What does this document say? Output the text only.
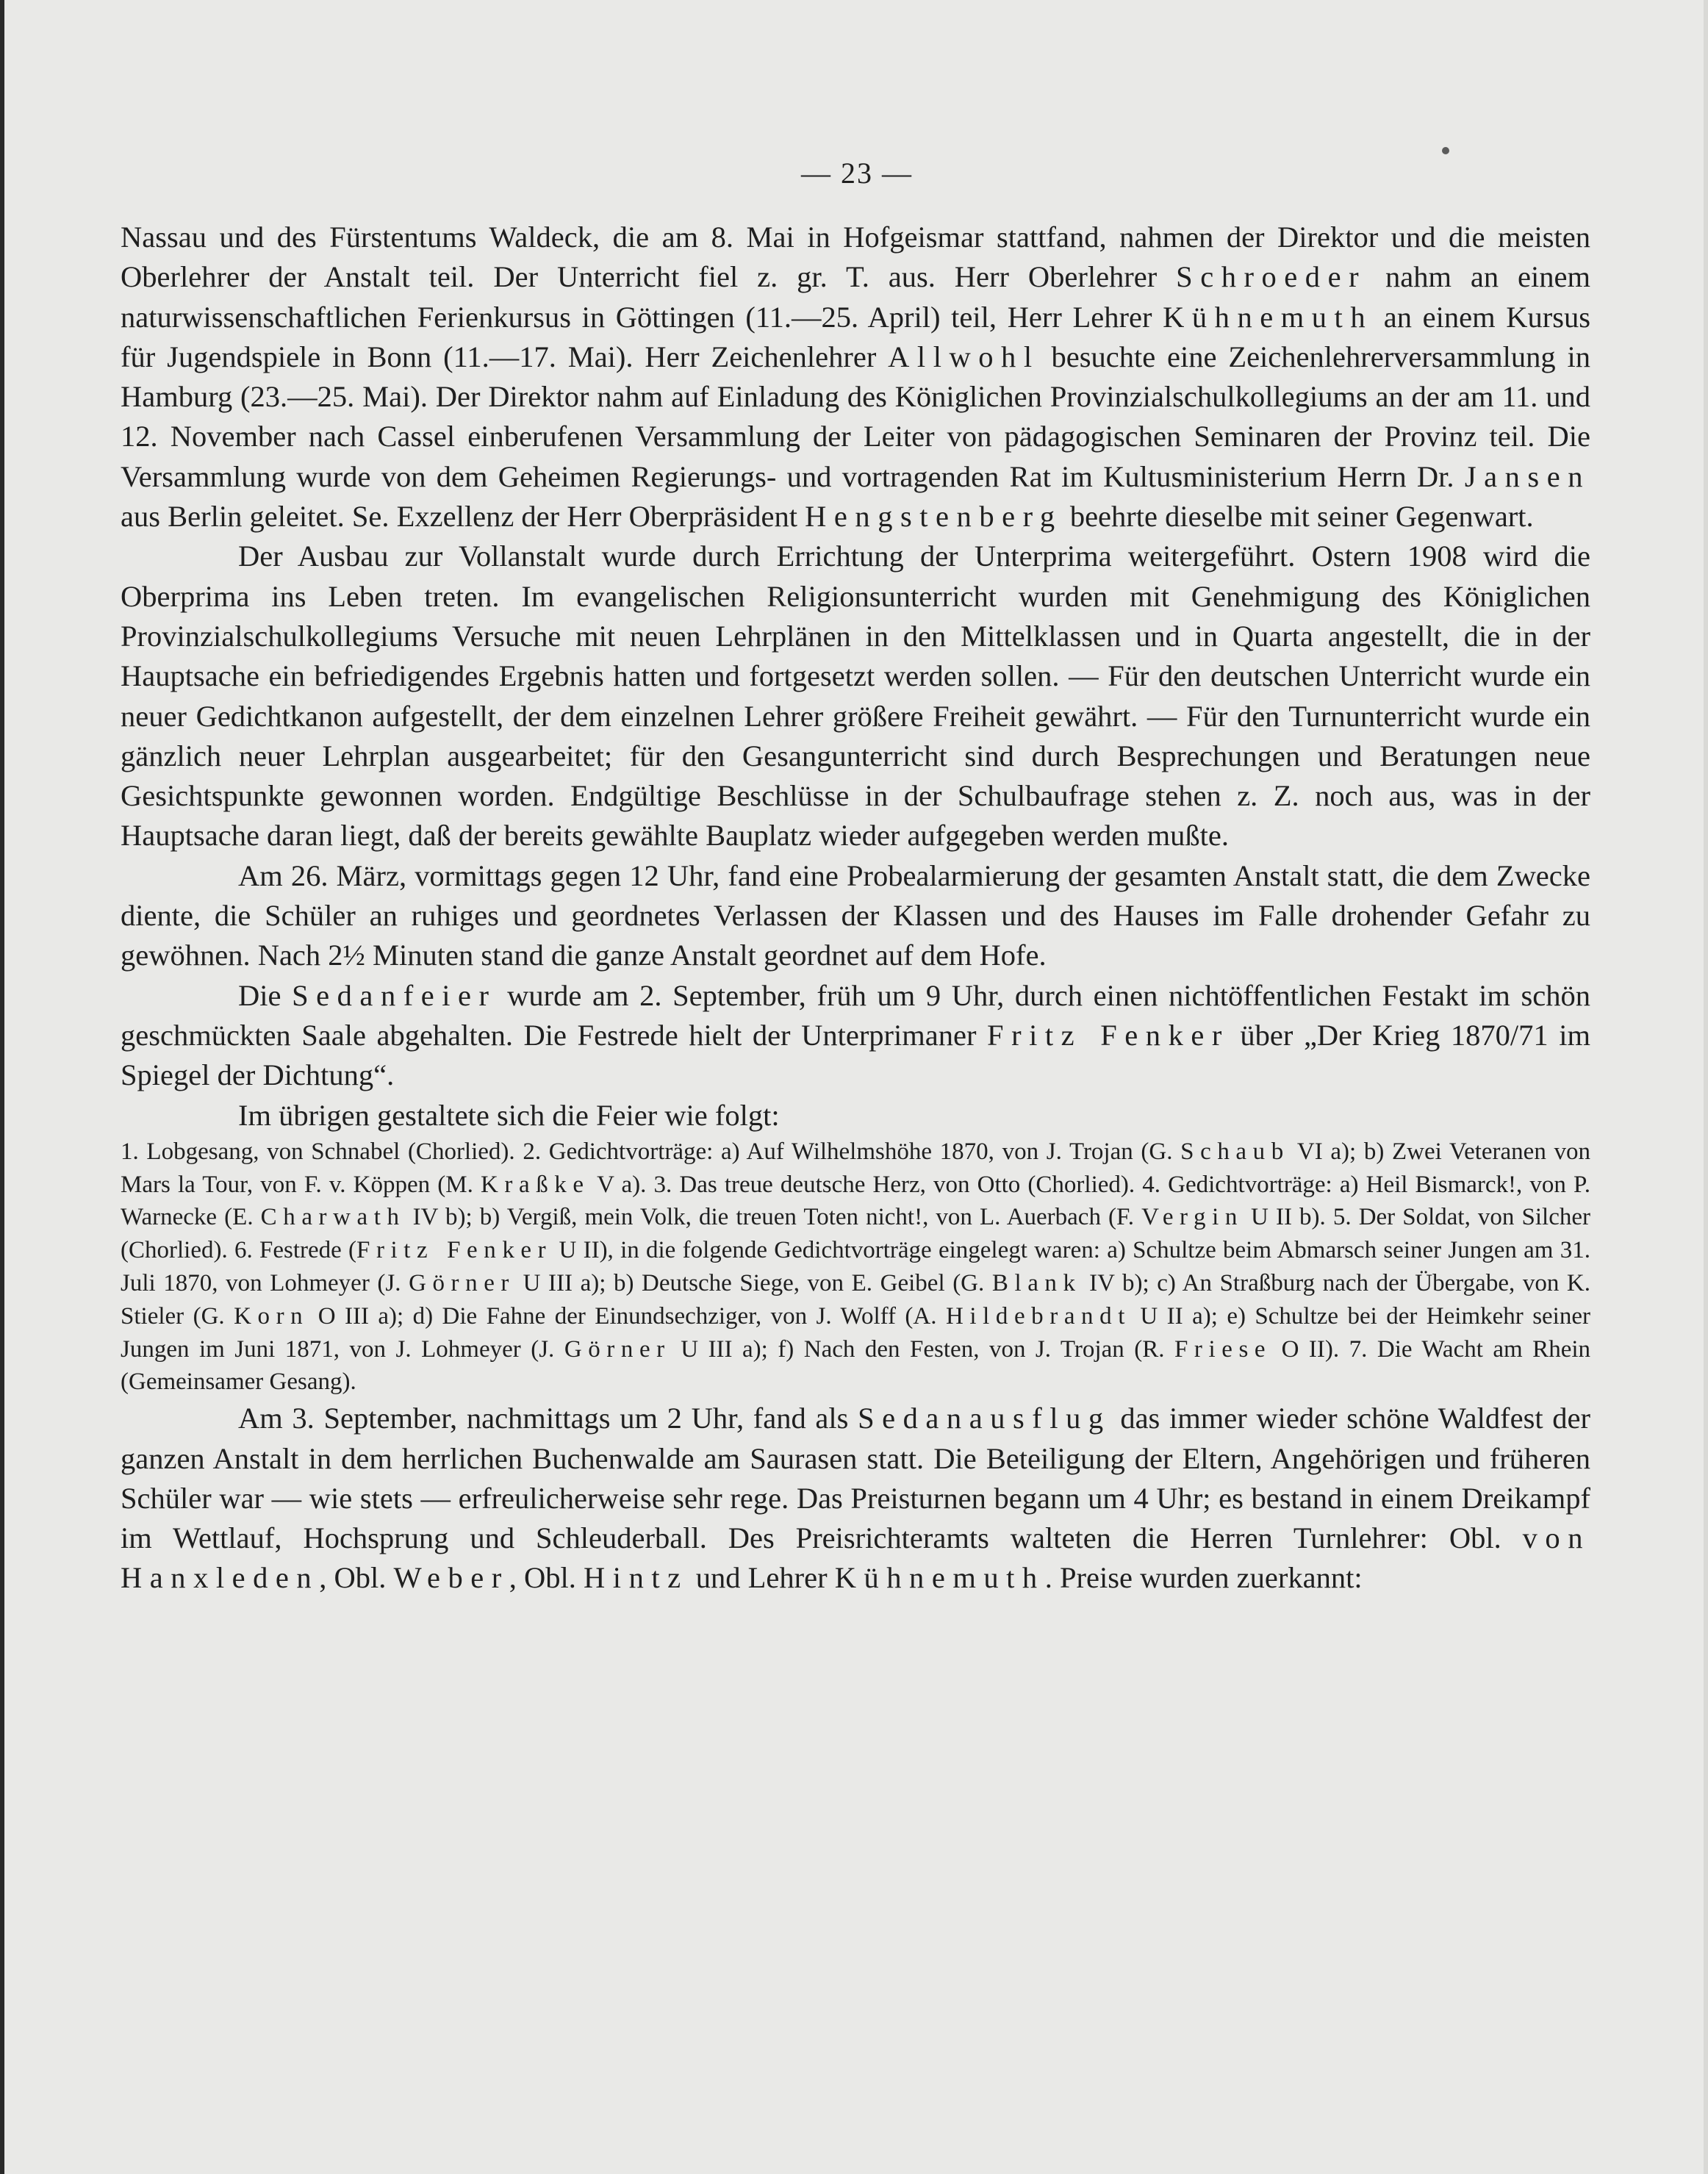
— 23 —

Nassau und des Fürstentums Waldeck, die am 8. Mai in Hofgeismar stattfand, nahmen der Direktor und die meisten Oberlehrer der Anstalt teil. Der Unterricht fiel z. gr. T. aus. Herr Oberlehrer Schroeder nahm an einem naturwissenschaftlichen Ferienkursus in Göttingen (11.—25. April) teil, Herr Lehrer Kühnemuth an einem Kursus für Jugendspiele in Bonn (11.—17. Mai). Herr Zeichenlehrer Allwohl besuchte eine Zeichenlehrerversammlung in Hamburg (23.—25. Mai). Der Direktor nahm auf Einladung des Königlichen Provinzialschulkollegiums an der am 11. und 12. November nach Cassel einberufenen Versammlung der Leiter von pädagogischen Seminaren der Provinz teil. Die Versammlung wurde von dem Geheimen Regierungs- und vortragenden Rat im Kultusministerium Herrn Dr. Jansen aus Berlin geleitet. Se. Exzellenz der Herr Oberpräsident Hengstenberg beehrte dieselbe mit seiner Gegenwart.

Der Ausbau zur Vollanstalt wurde durch Errichtung der Unterprima weitergeführt. Ostern 1908 wird die Oberprima ins Leben treten. Im evangelischen Religionsunterricht wurden mit Genehmigung des Königlichen Provinzialschulkollegiums Versuche mit neuen Lehrplänen in den Mittelklassen und in Quarta angestellt, die in der Hauptsache ein befriedigendes Ergebnis hatten und fortgesetzt werden sollen. — Für den deutschen Unterricht wurde ein neuer Gedichtkanon aufgestellt, der dem einzelnen Lehrer größere Freiheit gewährt. — Für den Turnunterricht wurde ein gänzlich neuer Lehrplan ausgearbeitet; für den Gesangunterricht sind durch Besprechungen und Beratungen neue Gesichtspunkte gewonnen worden. Endgültige Beschlüsse in der Schulbaufrage stehen z. Z. noch aus, was in der Hauptsache daran liegt, daß der bereits gewählte Bauplatz wieder aufgegeben werden mußte.

Am 26. März, vormittags gegen 12 Uhr, fand eine Probealarmierung der gesamten Anstalt statt, die dem Zwecke diente, die Schüler an ruhiges und geordnetes Verlassen der Klassen und des Hauses im Falle drohender Gefahr zu gewöhnen. Nach 2½ Minuten stand die ganze Anstalt geordnet auf dem Hofe.

Die Sedanfeier wurde am 2. September, früh um 9 Uhr, durch einen nichtöffentlichen Festakt im schön geschmückten Saale abgehalten. Die Festrede hielt der Unterprimaner Fritz Fenker über „Der Krieg 1870/71 im Spiegel der Dichtung“.

Im übrigen gestaltete sich die Feier wie folgt:

1. Lobgesang, von Schnabel (Chorlied). 2. Gedichtvorträge: a) Auf Wilhelmshöhe 1870, von J. Trojan (G. Schaub VI a); b) Zwei Veteranen von Mars la Tour, von F. v. Köppen (M. Kraßke V a). 3. Das treue deutsche Herz, von Otto (Chorlied). 4. Gedichtvorträge: a) Heil Bismarck!, von P. Warnecke (E. Charwath IV b); b) Vergiß, mein Volk, die treuen Toten nicht!, von L. Auerbach (F. Vergin U II b). 5. Der Soldat, von Silcher (Chorlied). 6. Festrede (Fritz Fenker U II), in die folgende Gedichtvorträge eingelegt waren: a) Schultze beim Abmarsch seiner Jungen am 31. Juli 1870, von Lohmeyer (J. Görner U III a); b) Deutsche Siege, von E. Geibel (G. Blank IV b); c) An Straßburg nach der Übergabe, von K. Stieler (G. Korn O III a); d) Die Fahne der Einundsechziger, von J. Wolff (A. Hildebrandt U II a); e) Schultze bei der Heimkehr seiner Jungen im Juni 1871, von J. Lohmeyer (J. Görner U III a); f) Nach den Festen, von J. Trojan (R. Friese O II). 7. Die Wacht am Rhein (Gemeinsamer Gesang).

Am 3. September, nachmittags um 2 Uhr, fand als Sedanausflug das immer wieder schöne Waldfest der ganzen Anstalt in dem herrlichen Buchenwalde am Saurasen statt. Die Beteiligung der Eltern, Angehörigen und früheren Schüler war — wie stets — erfreulicherweise sehr rege. Das Preisturnen begann um 4 Uhr; es bestand in einem Dreikampf im Wettlauf, Hochsprung und Schleuderball. Des Preisrichteramts walteten die Herren Turnlehrer: Obl. von Hanxleden, Obl. Weber, Obl. Hintz und Lehrer Kühnemuth. Preise wurden zuerkannt:
